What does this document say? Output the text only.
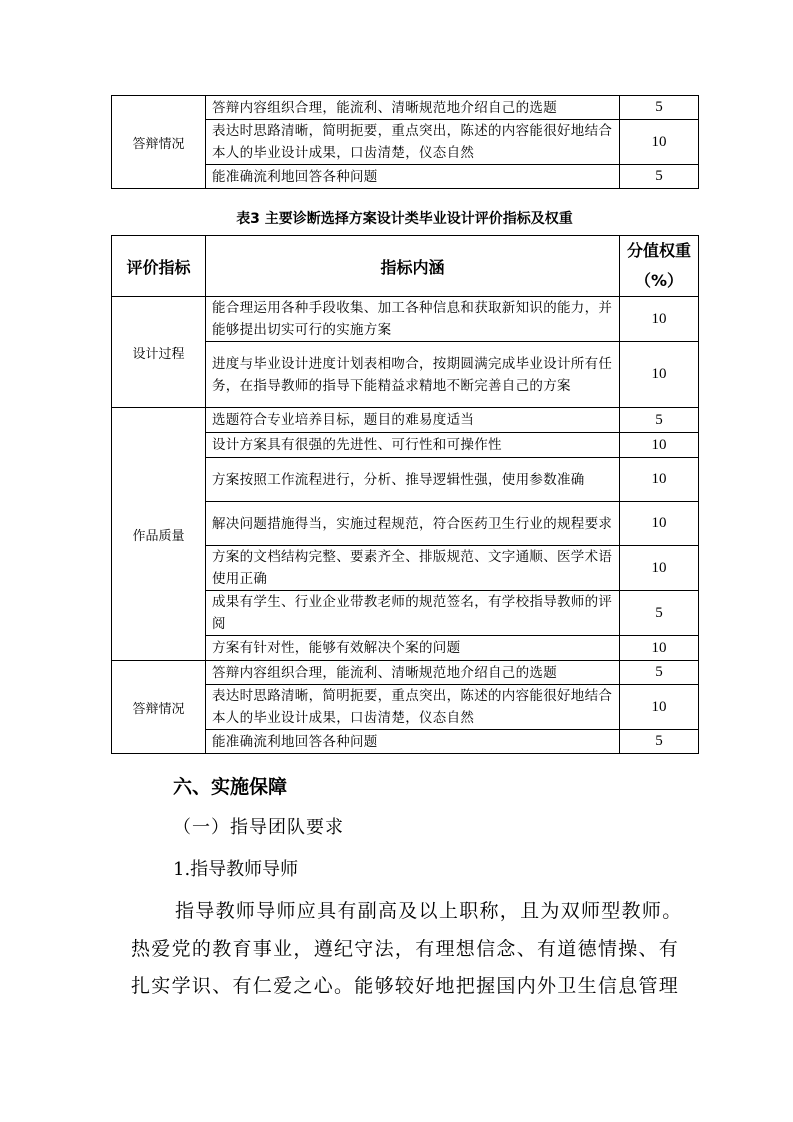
答辩情况	答辩内容组织合理，能流利、清晰规范地介绍自己的选题	5
	表达时思路清晰，简明扼要，重点突出，陈述的内容能很好地结合本人的毕业设计成果，口齿清楚，仪态自然	10
	能准确流利地回答各种问题	5
表3 主要诊断选择方案设计类毕业设计评价指标及权重
评价指标	指标内涵	分值权重（%）
设计过程	能合理运用各种手段收集、加工各种信息和获取新知识的能力，并能够提出切实可行的实施方案	10
	进度与毕业设计进度计划表相吻合，按期圆满完成毕业设计所有任务，在指导教师的指导下能精益求精地不断完善自己的方案	10
作品质量	选题符合专业培养目标，题目的难易度适当	5
	设计方案具有很强的先进性、可行性和可操作性	10
	方案按照工作流程进行，分析、推导逻辑性强，使用参数准确	10
	解决问题措施得当，实施过程规范，符合医药卫生行业的规程要求	10
	方案的文档结构完整、要素齐全、排版规范、文字通顺、医学术语使用正确	10
	成果有学生、行业企业带教老师的规范签名，有学校指导教师的评阅	5
	方案有针对性，能够有效解决个案的问题	10
答辩情况	答辩内容组织合理，能流利、清晰规范地介绍自己的选题	5
	表达时思路清晰，简明扼要，重点突出，陈述的内容能很好地结合本人的毕业设计成果，口齿清楚，仪态自然	10
	能准确流利地回答各种问题	5
六、实施保障
（一）指导团队要求
1.指导教师导师

指导教师导师应具有副高及以上职称，且为双师型教师。

热爱党的教育事业，遵纪守法，有理想信念、有道德情操、有

扎实学识、有仁爱之心。能够较好地把握国内外卫生信息管理
